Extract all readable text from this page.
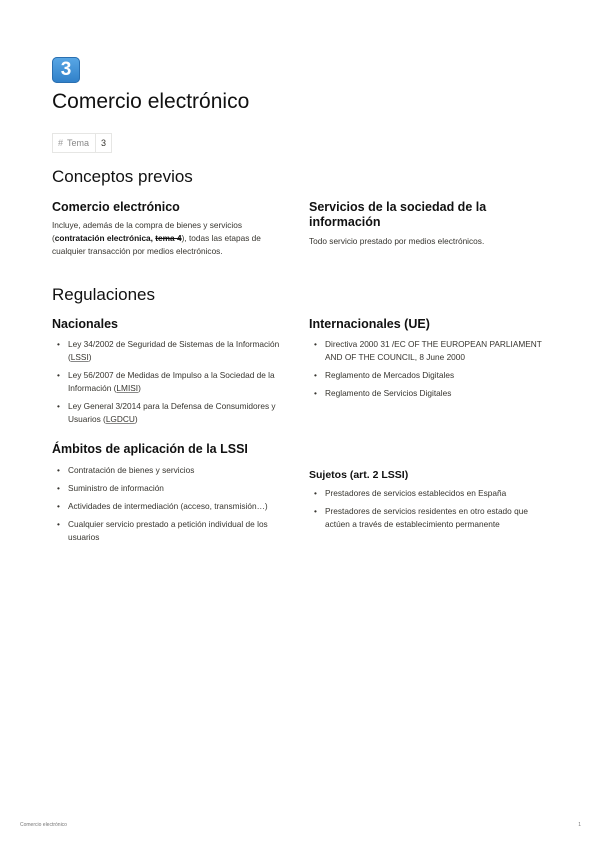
3
Comercio electrónico
# Tema	3
Conceptos previos
Comercio electrónico

Incluye, además de la compra de bienes y servicios (contratación electrónica, tema 4), todas las etapas de cualquier transacción por medios electrónicos.

Servicios de la sociedad de la información

Todo servicio prestado por medios electrónicos.

Regulaciones
Nacionales
• Ley 34/2002 de Seguridad de Sistemas de la Información (LSSI)
• Ley 56/2007 de Medidas de Impulso a la Sociedad de la Información (LMISI)
• Ley General 3/2014 para la Defensa de Consumidores y Usuarios (LGDCU)
Internacionales (UE)
• Directiva 2000 31 /EC OF THE EUROPEAN PARLIAMENT AND OF THE COUNCIL, 8 June 2000
• Reglamento de Mercados Digitales
• Reglamento de Servicios Digitales
Ámbitos de aplicación de la LSSI
• Contratación de bienes y servicios
• Suministro de información
• Actividades de intermediación (acceso, transmisión…)
• Cualquier servicio prestado a petición individual de los usuarios
Sujetos (art. 2 LSSI)
• Prestadores de servicios establecidos en España
• Prestadores de servicios residentes en otro estado que actúen a través de establecimiento permanente
Comercio electrónico	1
